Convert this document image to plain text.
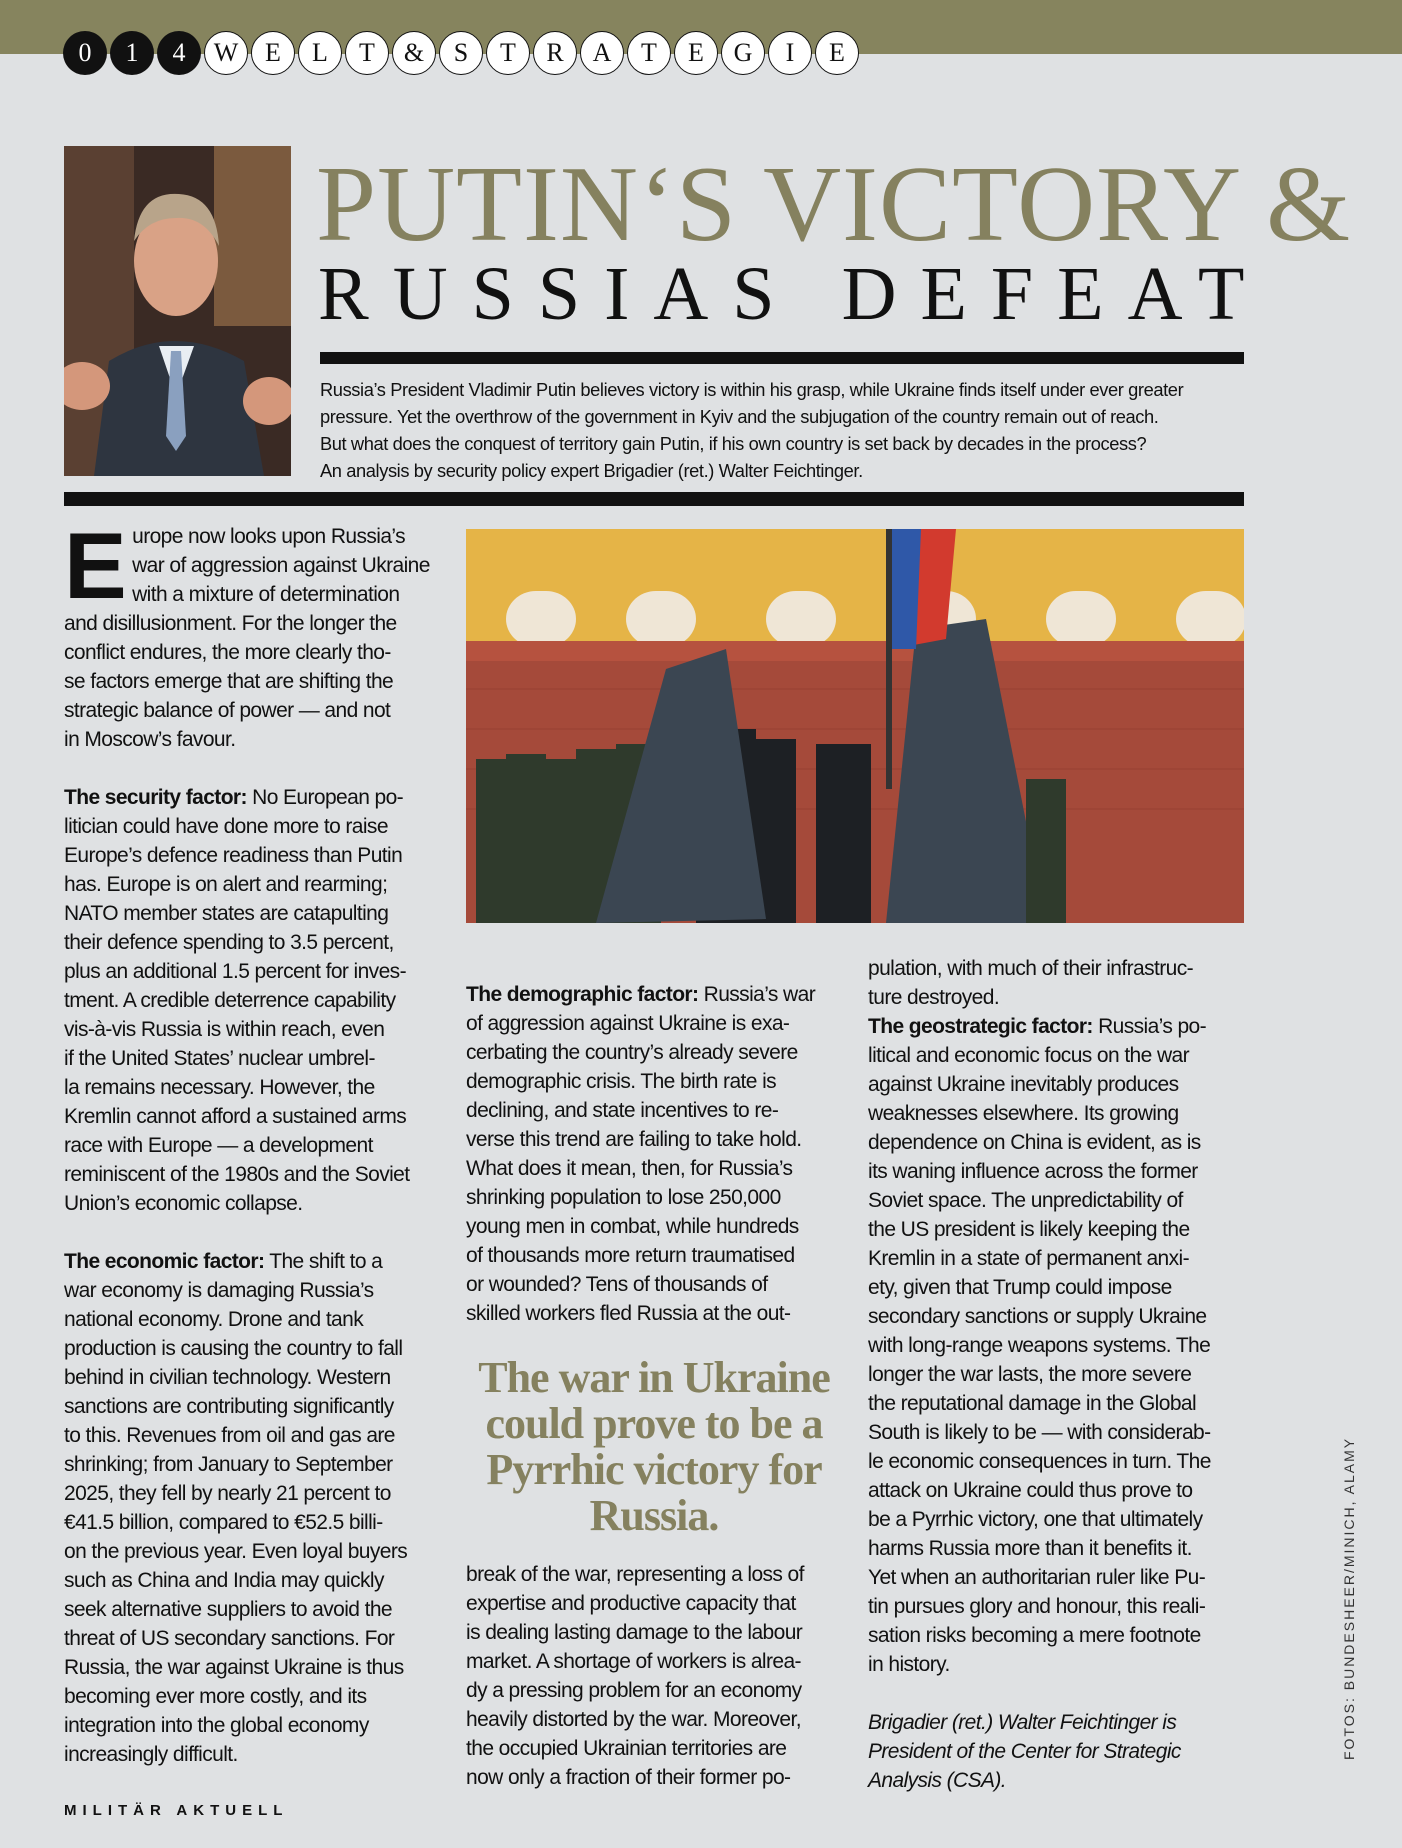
0	1	4	W	E	L	T	&	S	T	R	A	T	E	G	I	E
PUTIN‘S VICTORY &
RUSSIAS DEFEAT
Russia’s President Vladimir Putin believes victory is within his grasp, while Ukraine finds itself under ever greater
pressure. Yet the overthrow of the government in Kyiv and the subjugation of the country remain out of reach.
But what does the conquest of territory gain Putin, if his own country is set back by decades in the process?
An analysis by security policy expert Brigadier (ret.) Walter Feichtinger.
E urope now looks upon Russia’s

war of aggression against Ukraine

with a mixture of determination

and disillusionment. For the longer the

conflict endures, the more clearly tho-

se factors emerge that are shifting the

strategic balance of power — and not

in Moscow’s favour.

The security factor: No European po-

litician could have done more to raise

Europe’s defence readiness than Putin

has. Europe is on alert and rearming;

NATO member states are catapulting

their defence spending to 3.5 percent,

plus an additional 1.5 percent for inves-

tment. A credible deterrence capability

vis-à-vis Russia is within reach, even

if the United States’ nuclear umbrel-

la remains necessary. However, the

Kremlin cannot afford a sustained arms

race with Europe — a development

reminiscent of the 1980s and the Soviet

Union’s economic collapse.

The economic factor: The shift to a

war economy is damaging Russia’s

national economy. Drone and tank

production is causing the country to fall

behind in civilian technology. Western

sanctions are contributing significantly

to this. Revenues from oil and gas are

shrinking; from January to September

2025, they fell by nearly 21 percent to

€41.5 billion, compared to €52.5 billi-

on the previous year. Even loyal buyers

such as China and India may quickly

seek alternative suppliers to avoid the

threat of US secondary sanctions. For

Russia, the war against Ukraine is thus

becoming ever more costly, and its

integration into the global economy

increasingly difficult.

The demographic factor: Russia’s war

of aggression against Ukraine is exa-

cerbating the country’s already severe

demographic crisis. The birth rate is

declining, and state incentives to re-

verse this trend are failing to take hold.

What does it mean, then, for Russia’s

shrinking population to lose 250,000

young men in combat, while hundreds

of thousands more return traumatised

or wounded? Tens of thousands of

skilled workers fled Russia at the out-

The war in Ukraine
could prove to be a
Pyrrhic victory for
Russia.

break of the war, representing a loss of

expertise and productive capacity that

is dealing lasting damage to the labour

market. A shortage of workers is alrea-

dy a pressing problem for an economy

heavily distorted by the war. Moreover,

the occupied Ukrainian territories are

now only a fraction of their former po-

pulation, with much of their infrastruc-

ture destroyed.

The geostrategic factor: Russia’s po-

litical and economic focus on the war

against Ukraine inevitably produces

weaknesses elsewhere. Its growing

dependence on China is evident, as is

its waning influence across the former

Soviet space. The unpredictability of

the US president is likely keeping the

Kremlin in a state of permanent anxi-

ety, given that Trump could impose

secondary sanctions or supply Ukraine

with long-range weapons systems. The

longer the war lasts, the more severe

the reputational damage in the Global

South is likely to be — with considerab-

le economic consequences in turn. The

attack on Ukraine could thus prove to

be a Pyrrhic victory, one that ultimately

harms Russia more than it benefits it.

Yet when an authoritarian ruler like Pu-

tin pursues glory and honour, this reali-

sation risks becoming a mere footnote

in history.

Brigadier (ret.) Walter Feichtinger is

President of the Center for Strategic

Analysis (CSA).

FOTOS: BUNDESHEER/MINICH, ALAMY
MILITÄR AKTUELL
